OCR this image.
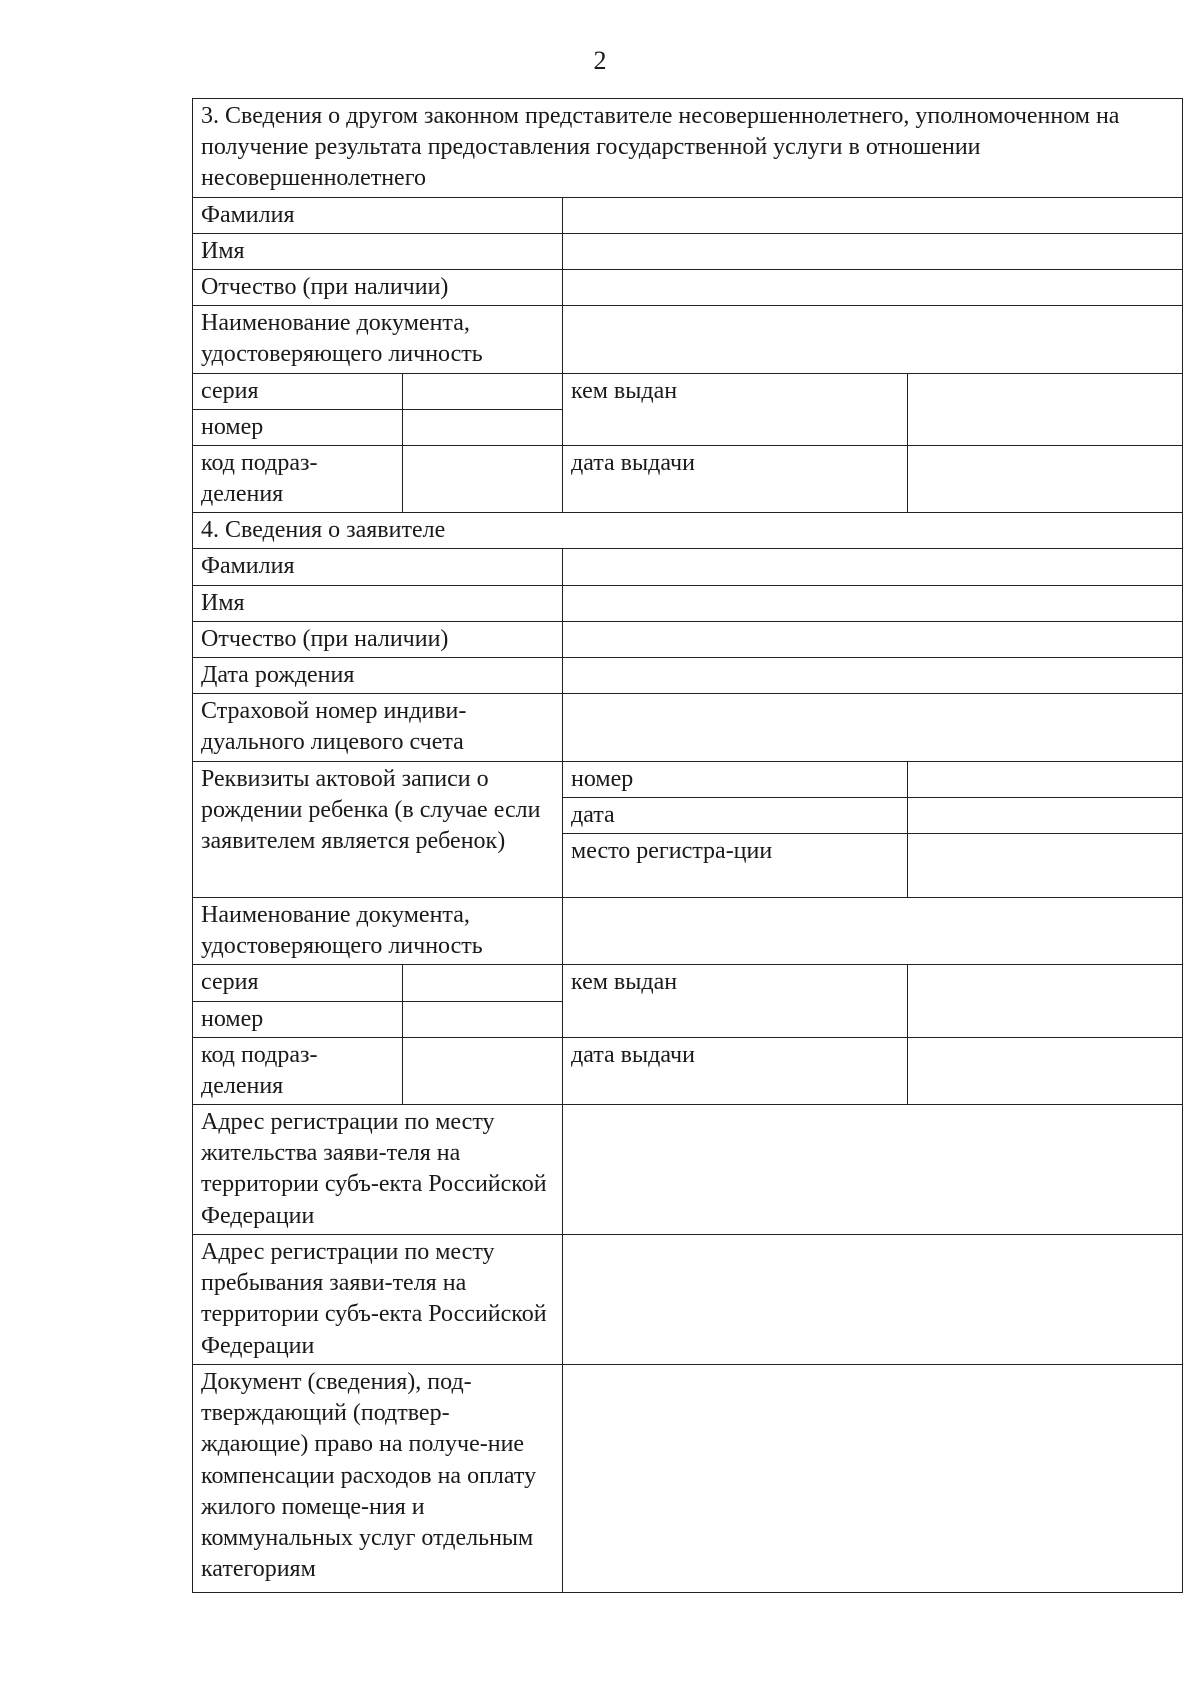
2
3. Сведения о другом законном представителе несовершеннолетнего, уполномоченном на получение результата предоставления государственной услуги в отношении несовершеннолетнего			
Фамилия			
Имя			
Отчество (при наличии)			
Наименование документа, удостоверяющего личность			
серия		кем выдан	
номер			
код подраз-деления		дата выдачи	
4. Сведения о заявителе			
Фамилия			
Имя			
Отчество (при наличии)			
Дата рождения			
Страховой номер индиви-дуального лицевого счета			
Реквизиты актовой записи о рождении ребенка (в случае если заявителем является ребенок)		номер	
		дата	
		место регистра-ции	
Наименование документа, удостоверяющего личность			
серия		кем выдан	
номер			
код подраз-деления		дата выдачи	
Адрес регистрации по месту жительства заяви-теля на территории субъ-екта Российской Федерации			
Адрес регистрации по месту пребывания заяви-теля на территории субъ-екта Российской Федерации			
Документ (сведения), под-тверждающий (подтвер-ждающие) право на получе-ние компенсации расходов на оплату жилого помеще-ния и коммунальных услуг отдельным категориям			
